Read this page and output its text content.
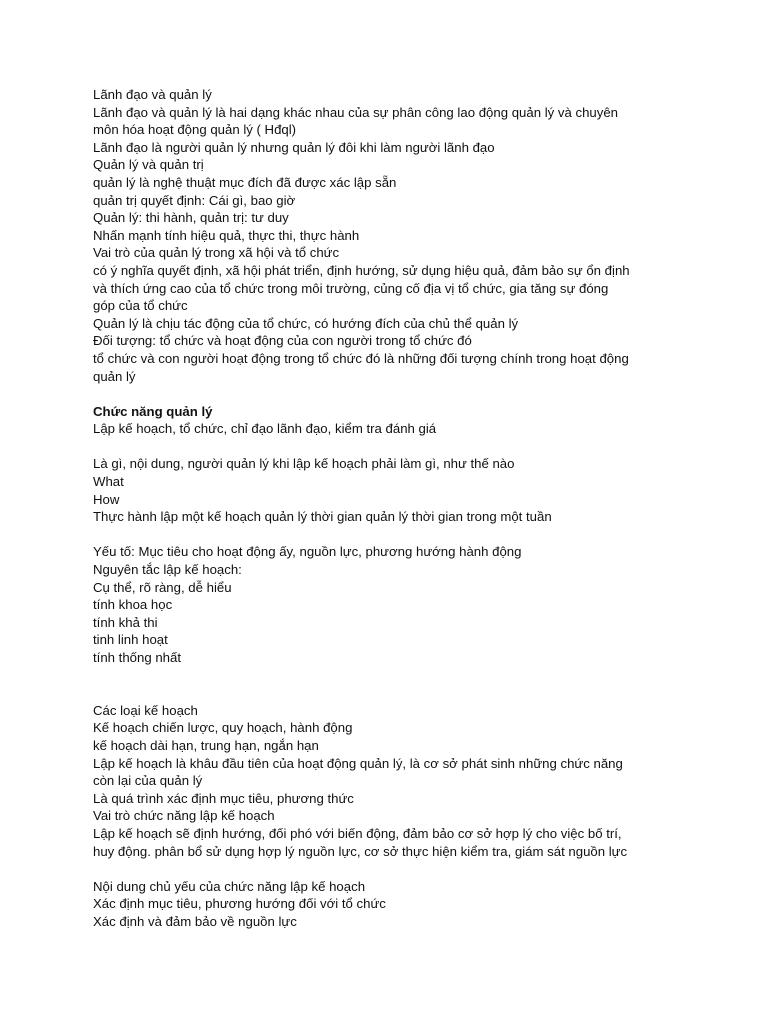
Lãnh đạo và quản lý
Lãnh đạo và quản lý là hai dạng khác nhau của sự phân công lao động quản lý và chuyên
môn hóa hoạt động quản lý ( Hđql)
Lãnh đạo là người quản lý nhưng quản lý đôi khi làm người lãnh đạo
Quản lý và quản trị
quản lý là nghệ thuật mục đích đã được xác lập sẵn
quản trị quyết định: Cái gì, bao giờ
Quản lý: thi hành, quản trị: tư duy
Nhấn mạnh tính hiệu quả, thực thi, thực hành
Vai trò của quản lý trong xã hội và tổ chức
có ý nghĩa quyết định, xã hội phát triển, định hướng, sử dụng hiệu quả, đảm bảo sự ổn định
và thích ứng cao của tổ chức trong môi trường, củng cố địa vị tổ chức, gia tăng sự đóng
góp của tổ chức
Quản lý là chịu tác động của tổ chức, có hướng đích của chủ thể quản lý
Đối tượng: tổ chức và hoạt động của con người trong tổ chức đó
tổ chức và con người hoạt động trong tổ chức đó là những đối tượng chính trong hoạt động
quản lý
Chức năng quản lý
Lập kế hoạch, tổ chức, chỉ đạo lãnh đạo, kiểm tra đánh giá
Là gì, nội dung, người quản lý khi lập kế hoạch phải làm gì, như thế nào
What
How
Thực hành lập một kế hoạch quản lý thời gian quản lý thời gian trong một tuần
Yếu tố: Mục tiêu cho hoạt động ấy, nguồn lực, phương hướng hành động
Nguyên tắc lập kế hoạch:
Cụ thể, rõ ràng, dễ hiểu
tính khoa học
tính khả thi
tinh linh hoạt
tính thống nhất
Các loại kế hoạch
Kế hoạch chiến lược, quy hoạch, hành động
kế hoạch dài hạn, trung hạn, ngắn hạn
Lập kế hoạch là khâu đầu tiên của hoạt động quản lý, là cơ sở phát sinh những chức năng
còn lại của quản lý
Là quá trình xác định mục tiêu, phương thức
Vai trò chức năng lập kế hoạch
Lập kế hoạch sẽ định hướng, đối phó với biến động, đảm bảo cơ sở hợp lý cho việc bố trí,
huy động. phân bổ sử dụng hợp lý nguồn lực, cơ sở thực hiện kiểm tra, giám sát nguồn lực
Nội dung chủ yếu của chức năng lập kế hoạch
Xác định mục tiêu, phương hướng đối với tổ chức
Xác định và đảm bảo về nguồn lực
